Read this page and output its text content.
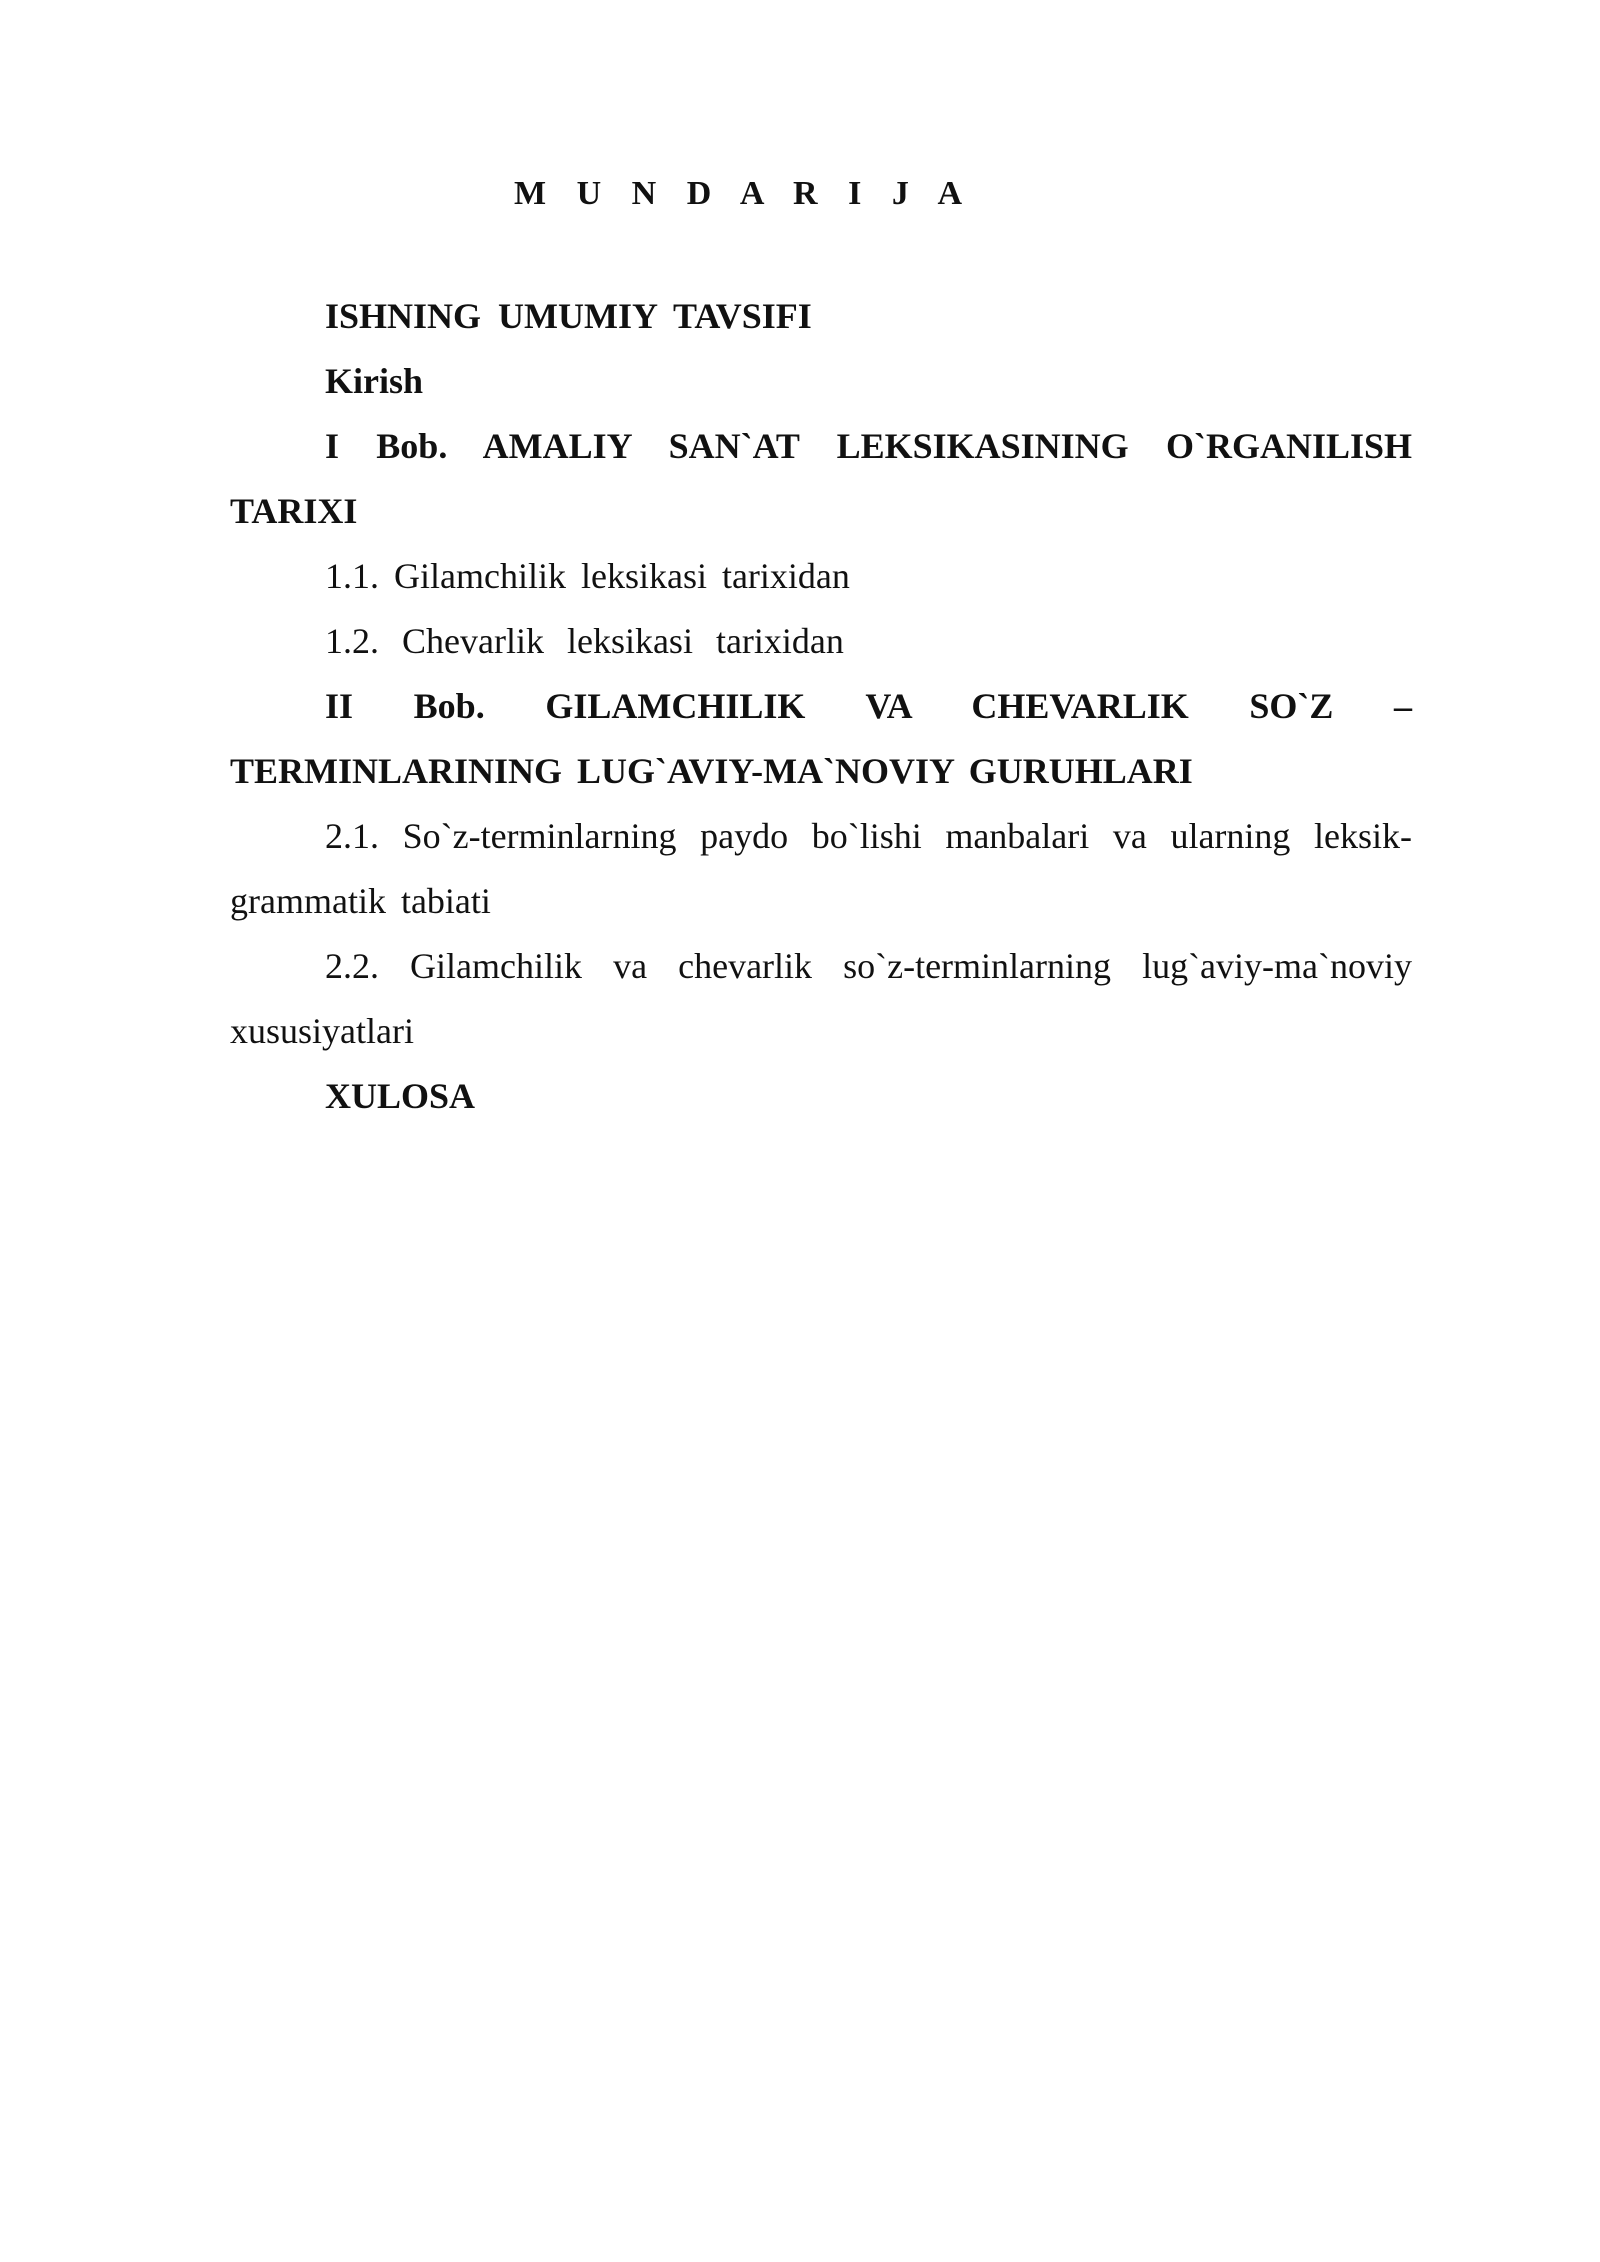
M U N D A R I J A

ISHNING UMUMIY TAVSIFI

Kirish

I Bob. AMALIY SAN`AT LEKSIKASINING O`RGANILISH TARIXI

1.1. Gilamchilik leksikasi tarixidan

1.2. Chevarlik leksikasi tarixidan

II Bob. GILAMCHILIK VA CHEVARLIK SO`Z – TERMINLARINING LUG`AVIY-MA`NOVIY GURUHLARI

2.1. So`z-terminlarning paydo bo`lishi manbalari va ularning leksik-grammatik tabiati

2.2. Gilamchilik va chevarlik so`z-terminlarning lug`aviy-ma`noviy xususiyatlari

XULOSA
